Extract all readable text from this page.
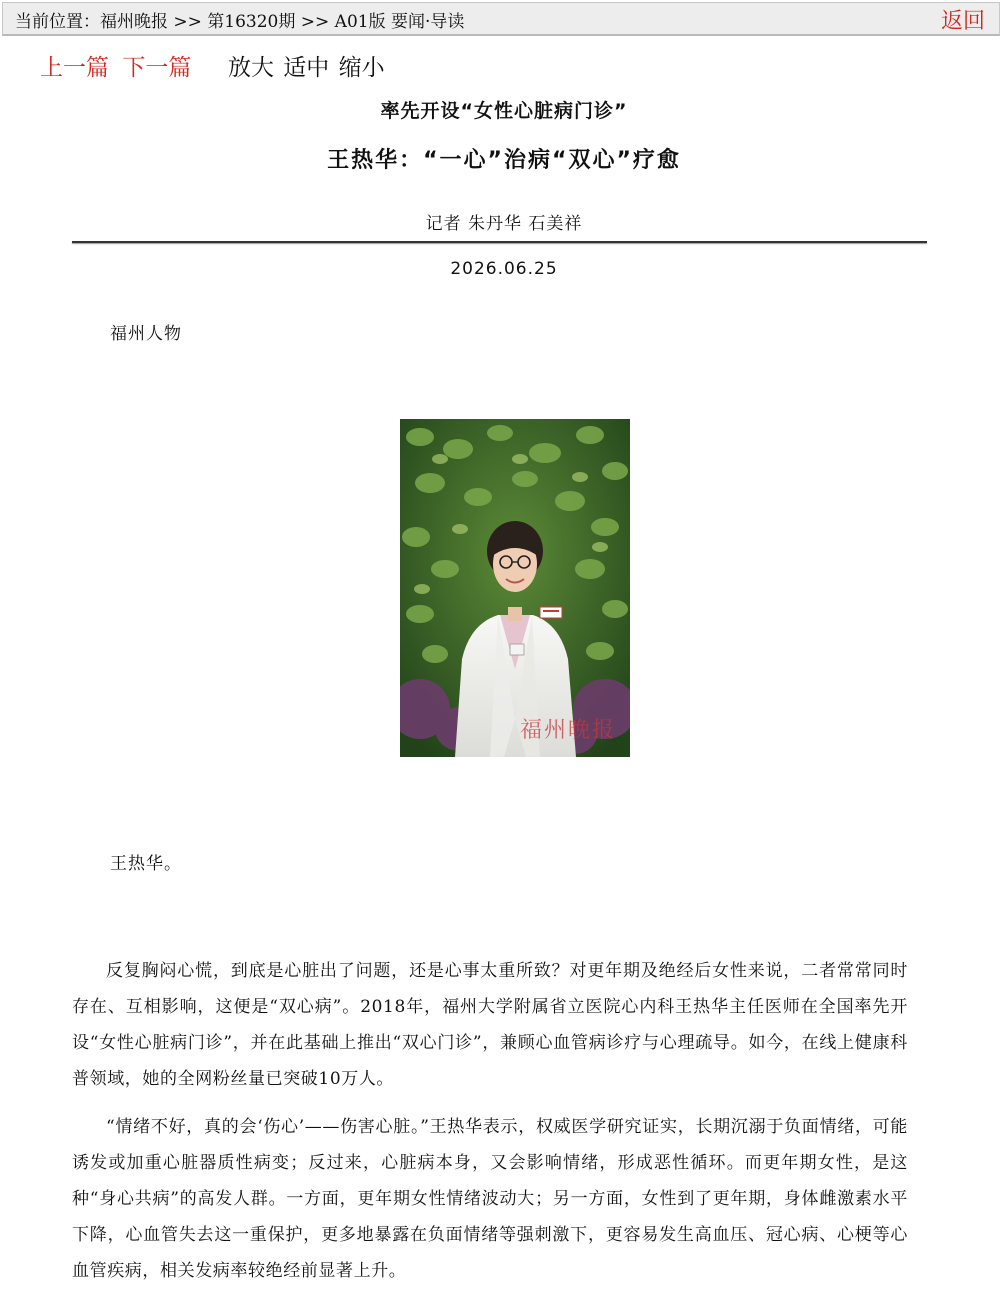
当前位置：福州晚报 >> 第16320期 >> A01版 要闻·导读	返回
上一篇 下一篇 放大 适中 缩小
率先开设“女性心脏病门诊”
王热华：“一心”治病“双心”疗愈
记者 朱丹华 石美祥
2026.06.25
福州人物
福州晚报
王热华。

反复胸闷心慌，到底是心脏出了问题，还是心事太重所致？对更年期及绝经后女性来说，二者常常同时存在、互相影响，这便是“双心病”。2018年，福州大学附属省立医院心内科王热华主任医师在全国率先开设“女性心脏病门诊”，并在此基础上推出“双心门诊”，兼顾心血管病诊疗与心理疏导。如今，在线上健康科普领域，她的全网粉丝量已突破10万人。

“情绪不好，真的会‘伤心’——伤害心脏。”王热华表示，权威医学研究证实，长期沉溺于负面情绪，可能诱发或加重心脏器质性病变；反过来，心脏病本身，又会影响情绪，形成恶性循环。而更年期女性，是这种“身心共病”的高发人群。一方面，更年期女性情绪波动大；另一方面，女性到了更年期，身体雌激素水平下降，心血管失去这一重保护，更多地暴露在负面情绪等强刺激下，更容易发生高血压、冠心病、心梗等心血管疾病，相关发病率较绝经前显著上升。
